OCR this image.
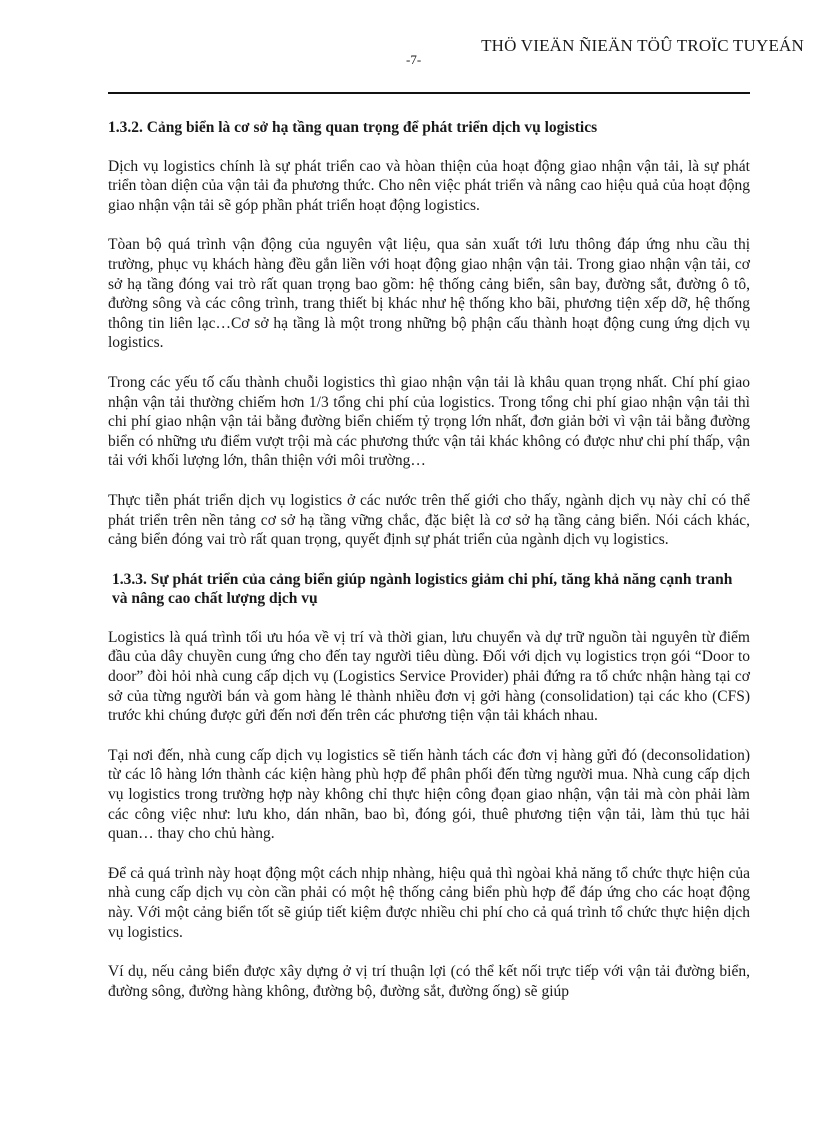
THÖ VIEÄN ÑIEÄN TÖÛ TROÏC TUYEÁN
-7-
1.3.2. Cảng biển là cơ sở hạ tầng quan trọng để phát triển dịch vụ logistics

Dịch vụ logistics chính là sự phát triển cao và hòan thiện của hoạt động giao nhận vận tải, là sự phát triển tòan diện của vận tải đa phương thức. Cho nên việc phát triển và nâng cao hiệu quả của hoạt động giao nhận vận tải sẽ góp phần phát triển hoạt động logistics.

Tòan bộ quá trình vận động của nguyên vật liệu, qua sản xuất tới lưu thông đáp ứng nhu cầu thị trường, phục vụ khách hàng đều gắn liền với hoạt động giao nhận vận tải. Trong giao nhận vận tải, cơ sở hạ tầng đóng vai trò rất quan trọng bao gồm: hệ thống cảng biển, sân bay, đường sắt, đường ô tô, đường sông và các công trình, trang thiết bị khác như hệ thống kho bãi, phương tiện xếp dỡ, hệ thống thông tin liên lạc…Cơ sở hạ tầng là một trong những bộ phận cấu thành hoạt động cung ứng dịch vụ logistics.

Trong các yếu tố cấu thành chuỗi logistics thì giao nhận vận tải là khâu quan trọng nhất. Chí phí giao nhận vận tải thường chiếm hơn 1/3 tổng chi phí của logistics. Trong tổng chi phí giao nhận vận tải thì chi phí giao nhận vận tải bằng đường biển chiếm tỷ trọng lớn nhất, đơn giản bởi vì vận tải bằng đường biển có những ưu điểm vượt trội mà các phương thức vận tải khác không có được như chi phí thấp, vận tải với khối lượng lớn, thân thiện với môi trường…

Thực tiễn phát triển dịch vụ logistics ở các nước trên thế giới cho thấy, ngành dịch vụ này chỉ có thể phát triển trên nền tảng cơ sở hạ tầng vững chắc, đặc biệt là cơ sở hạ tầng cảng biển. Nói cách khác, cảng biển đóng vai trò rất quan trọng, quyết định sự phát triển của ngành dịch vụ logistics.

1.3.3. Sự phát triển của cảng biển giúp ngành logistics giảm chi phí, tăng khả năng cạnh tranh và nâng cao chất lượng dịch vụ

Logistics là quá trình tối ưu hóa về vị trí và thời gian, lưu chuyển và dự trữ nguồn tài nguyên từ điểm đầu của dây chuyền cung ứng cho đến tay người tiêu dùng. Đối với dịch vụ logistics trọn gói “Door to door” đòi hỏi nhà cung cấp dịch vụ (Logistics Service Provider) phải đứng ra tổ chức nhận hàng tại cơ sở của từng người bán và gom hàng lẻ thành nhiều đơn vị gởi hàng (consolidation) tại các kho (CFS) trước khi chúng được gửi đến nơi đến trên các phương tiện vận tải khách nhau.

Tại nơi đến, nhà cung cấp dịch vụ logistics sẽ tiến hành tách các đơn vị hàng gửi đó (deconsolidation) từ các lô hàng lớn thành các kiện hàng phù hợp để phân phối đến từng người mua. Nhà cung cấp dịch vụ logistics trong trường hợp này không chỉ thực hiện công đọan giao nhận, vận tải mà còn phải làm các công việc như: lưu kho, dán nhãn, bao bì, đóng gói, thuê phương tiện vận tải, làm thủ tục hải quan… thay cho chủ hàng.

Để cả quá trình này hoạt động một cách nhịp nhàng, hiệu quả thì ngòai khả năng tổ chức thực hiện của nhà cung cấp dịch vụ còn cần phải có một hệ thống cảng biển phù hợp để đáp ứng cho các hoạt động này. Với một cảng biển tốt sẽ giúp tiết kiệm được nhiều chi phí cho cả quá trình tổ chức thực hiện dịch vụ logistics.

Ví dụ, nếu cảng biển được xây dựng ở vị trí thuận lợi (có thể kết nối trực tiếp với vận tải đường biển, đường sông, đường hàng không, đường bộ, đường sắt, đường ống) sẽ giúp
